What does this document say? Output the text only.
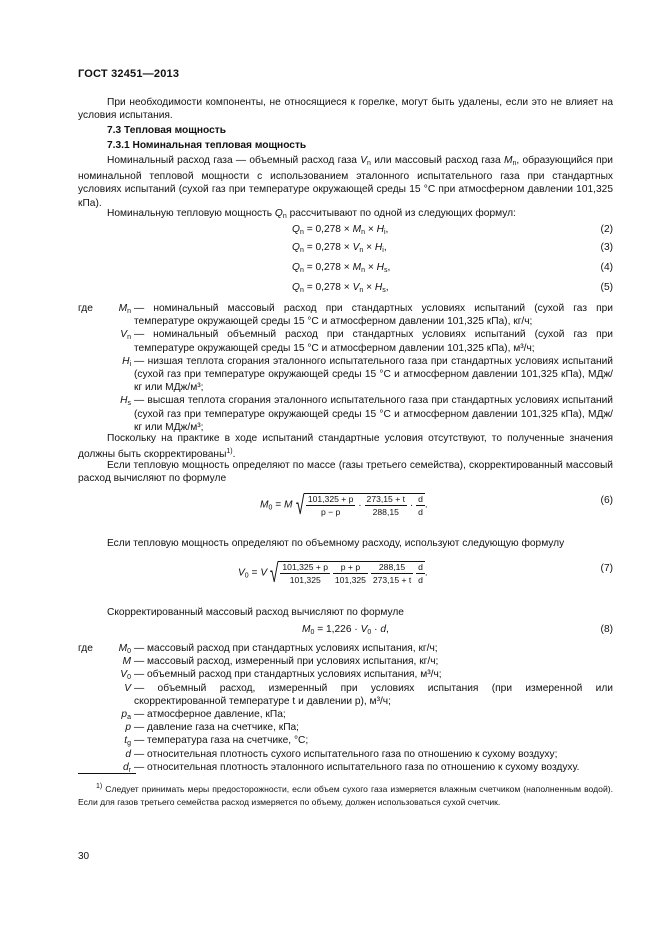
ГОСТ 32451—2013

При необходимости компоненты, не относящиеся к горелке, могут быть удалены, если это не влияет на условия испытания.

7.3 Тепловая мощность

7.3.1 Номинальная тепловая мощность

Номинальный расход газа — объемный расход газа $V_n$ или массовый расход газа $M_n$, образующийся при номинальной тепловой мощности с использованием эталонного испытательного газа при стандартных условиях испытаний (сухой газ при температуре окружающей среды 15 °С при атмосферном давлении 101,325 кПа).

Номинальную тепловую мощность $Q_n$ рассчитывают по одной из следующих формул:

$Q_n = 0,278 \times M_n \times H_i$,	(2)
$Q_n = 0,278 \times V_n \times H_i$,	(3)
$Q_n = 0,278 \times M_n \times H_s$,	(4)
$Q_n = 0,278 \times V_n \times H_s$,	(5)
где	$M_n$ — номинальный массовый расход при стандартных условиях испытаний (сухой газ при температуре окружающей среды 15 °С и атмосферном давлении 101,325 кПа), кг/ч;
$V_n$ — номинальный объемный расход при стандартных условиях испытаний (сухой газ при температуре окружающей среды 15 °С и атмосферном давлении 101,325 кПа), м³/ч;
$H_i$ — низшая теплота сгорания эталонного испытательного газа при стандартных условиях испытаний (сухой газ при температуре окружающей среды 15 °С и атмосферном давлении 101,325 кПа), МДж/кг или МДж/м³;
$H_s$ — высшая теплота сгорания эталонного испытательного газа при стандартных условиях испытаний (сухой газ при температуре окружающей среды 15 °С и атмосферном давлении 101,325 кПа), МДж/кг или МДж/м³;

Поскольку на практике в ходе испытаний стандартные условия отсутствуют, то полученные значения должны быть скорректированы$^{1)}$.

Если тепловую мощность определяют по массе (газы третьего семейства), скорректированный массовый расход вычисляют по формуле

$M_0 = M$ √ $\frac{101,325 + p}{p - p} \cdot \frac{273,15 + t}{288,15} \cdot \frac{d}{d}$ .	(6)

Если тепловую мощность определяют по объемному расходу, используют следующую формулу

$V_0 = V$ √ $\frac{101,325 + p}{101,325}$
$\frac{p + p}{101,325}$
$\frac{288,15}{273,15 + t}$
$\frac{d}{d}$ .	(7)

Скорректированный массовый расход вычисляют по формуле

$M_0 = 1,226 \cdot V_0 \cdot d$,	(8)
где	$M_0$ — массовый расход при стандартных условиях испытания, кг/ч;
M — массовый расход, измеренный при условиях испытания, кг/ч;
$V_0$ — объемный расход при стандартных условиях испытания, м³/ч;
V — объемный расход, измеренный при условиях испытания (при измеренной или скорректированной температуре t и давлении p), м³/ч;
$p_a$ — атмосферное давление, кПа;
p — давление газа на счетчике, кПа;
$t_g$ — температура газа на счетчике, °С;
d — относительная плотность сухого испытательного газа по отношению к сухому воздуху;
$d_r$ — относительная плотность эталонного испытательного газа по отношению к сухому воздуху.
$^{1)}$ Следует принимать меры предосторожности, если объем сухого газа измеряется влажным счетчиком (наполненным водой). Если для газов третьего семейства расход измеряется по объему, должен использоваться сухой счетчик.
30
